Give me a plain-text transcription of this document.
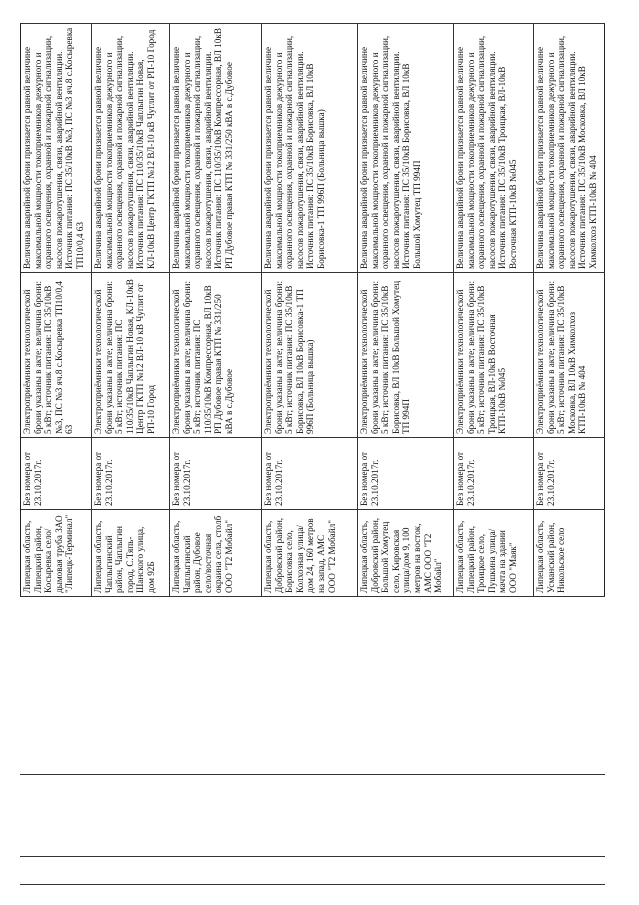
Липецкая область, Липецкий район, Косыревка село/дымовая труба ЗАО "Липецк-Терминал"
Без номера от 23.10.2017г.
Электроприёмники технологической брони указаны в акте; величина брони: 5 кВт; источник питания: ПС 35/10кВ №3, ПС №3 яч.8 с.Косыревка ТП10/0,4 63
Величина аварийной брони признается равной величине максимальной мощности токоприемников дежурного и охранного освещения, охранной и пожарной сигнализации, насосов пожаротушения, связи, аварийной вентиляции. Источник питания: ПС 35/10кВ №3, ПС №3 яч.8 с.Косыревка ТП10/0,4 63
Липецкая область, Чаплыгинский район, Чаплыгин город, С.Тяпь-Шанского улица, дом 92Б
Без номера от 23.10.2017г.
Электроприёмники технологической брони указаны в акте; величина брони: 5 кВт; источник питания: ПС 110/35/10кВ Чаплыгин Новая, КЛ-10кВ Центр ГКТП №12 ВЛ-10 кВ Чуглит от РП-10 Город
Величина аварийной брони признается равной величине максимальной мощности токоприемников дежурного и охранного освещения, охранной и пожарной сигнализации, насосов пожаротушения, связи, аварийной вентиляции. Источник питания: ПС 110/35/10кВ Чаплыгин Новая, КЛ-10кВ Центр ГКТП №12 ВЛ-10 кВ Чуглит от РП-10 Город
Липецкая область, Чаплыгинский район, Дубовое село/восточная окраина села, столб ООО "Т2 Мобайл"
Без номера от 23.10.2017г.
Электроприёмники технологической брони указаны в акте; величина брони: 5 кВт; источник питания: ПС 110/35/10кВ Компрессорная, ВЛ 10кВ РП Дубовое правая КТП № 331/250 кВА в с.Дубовое
Величина аварийной брони признается равной величине максимальной мощности токоприемников дежурного и охранного освещения, охранной и пожарной сигнализации, насосов пожаротушения, связи, аварийной вентиляции. Источник питания: ПС 110/35/10кВ Компрессорная, ВЛ 10кВ РП Дубовое правая КТП № 331/250 кВА в с.Дубовое
Липецкая область, Добровский район, Борисовка село, Колхозная улица/дом 24, 160 метров на запад, АМС ООО "Т2 Мобайл"
Без номера от 23.10.2017г.
Электроприёмники технологической брони указаны в акте; величина брони: 5 кВт; источник питания: ПС 35/10кВ Борисовка, ВЛ 10кВ Борисовка-1 ТП 996П (Больница вышка)
Величина аварийной брони признается равной величине максимальной мощности токоприемников дежурного и охранного освещения, охранной и пожарной сигнализации, насосов пожаротушения, связи, аварийной вентиляции. Источник питания: ПС 35/10кВ Борисовка, ВЛ 10кВ Борисовка-1 ТП 996П (Больница вышка)
Липецкая область, Добровский район, Большой Хомутец село, Кировская улица/дом 9, 100 метров на восток, АМС ООО "Т2 Мобайл"
Без номера от 23.10.2017г.
Электроприёмники технологической брони указаны в акте; величина брони: 5 кВт; источник питания: ПС 35/10кВ Борисовка, ВЛ 10кВ Большой Хомутец ТП 994П
Величина аварийной брони признается равной величине максимальной мощности токоприемников дежурного и охранного освещения, охранной и пожарной сигнализации, насосов пожаротушения, связи, аварийной вентиляции. Источник питания: ПС 35/10кВ Борисовка, ВЛ 10кВ Большой Хомутец ТП 994П
Липецкая область, Липецкий район, Троицкое село, Пушкина улица/ мачта на здании ООО "Маяк"
Без номера от 23.10.2017г.
Электроприёмники технологической брони указаны в акте; величина брони: 5 кВт; источник питания: ПС 35/10кВ Троицкая, ВЛ-10кВ Восточная КТП-10кВ №045
Величина аварийной брони признается равной величине максимальной мощности токоприемников дежурного и охранного освещения, охранной и пожарной сигнализации, насосов пожаротушения, связи, аварийной вентиляции. Источник питания: ПС 35/10кВ Троицкая, ВЛ-10кВ Восточная КТП-10кВ №045
Липецкая область, Усманский район, Никольское село
Без номера от 23.10.2017г.
Электроприёмники технологической брони указаны в акте; величина брони: 5 кВт; источник питания: ПС 35/10кВ Московка, ВЛ 10кВ Химколхоз КТП-10кВ № 404
Величина аварийной брони признается равной величине максимальной мощности токоприемников дежурного и охранного освещения, охранной и пожарной сигнализации, насосов пожаротушения, связи, аварийной вентиляции. Источник питания: ПС 35/10кВ Московка, ВЛ 10кВ Химколхоз КТП-10кВ № 404
